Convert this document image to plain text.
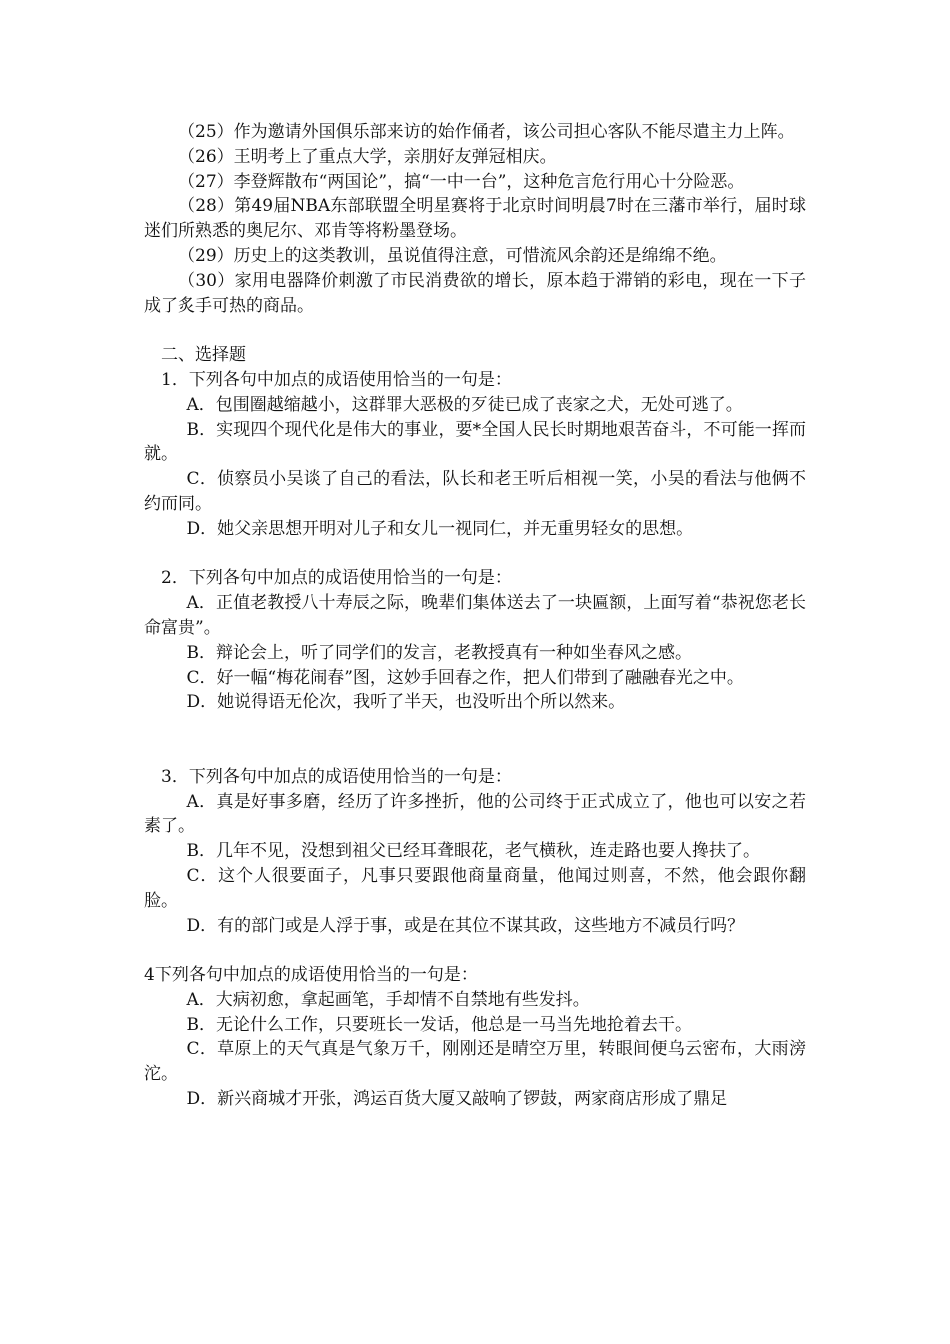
（25）作为邀请外国俱乐部来访的始作俑者，该公司担心客队不能尽遣主力上阵。

（26）王明考上了重点大学，亲朋好友弹冠相庆。

（27）李登辉散布“两国论”，搞“一中一台”，这种危言危行用心十分险恶。

（28）第49届NBA东部联盟全明星赛将于北京时间明晨7时在三藩市举行，届时球迷们所熟悉的奥尼尔、邓肯等将粉墨登场。

（29）历史上的这类教训，虽说值得注意，可惜流风余韵还是绵绵不绝。

（30）家用电器降价刺激了市民消费欲的增长，原本趋于滞销的彩电，现在一下子成了炙手可热的商品。

二、选择题

1．下列各句中加点的成语使用恰当的一句是：

A．包围圈越缩越小，这群罪大恶极的歹徒已成了丧家之犬，无处可逃了。

B．实现四个现代化是伟大的事业，要*全国人民长时期地艰苦奋斗，不可能一挥而就。

C．侦察员小吴谈了自己的看法，队长和老王听后相视一笑，小吴的看法与他俩不约而同。

D．她父亲思想开明对儿子和女儿一视同仁，并无重男轻女的思想。

2．下列各句中加点的成语使用恰当的一句是：

A．正值老教授八十寿辰之际，晚辈们集体送去了一块匾额，上面写着“恭祝您老长命富贵”。

B．辩论会上，听了同学们的发言，老教授真有一种如坐春风之感。

C．好一幅“梅花闹春”图，这妙手回春之作，把人们带到了融融春光之中。

D．她说得语无伦次，我听了半天，也没听出个所以然来。

3．下列各句中加点的成语使用恰当的一句是：

A．真是好事多磨，经历了许多挫折，他的公司终于正式成立了，他也可以安之若素了。

B．几年不见，没想到祖父已经耳聋眼花，老气横秋，连走路也要人搀扶了。

C．这个人很要面子，凡事只要跟他商量商量，他闻过则喜，不然，他会跟你翻脸。

D．有的部门或是人浮于事，或是在其位不谋其政，这些地方不减员行吗？

4下列各句中加点的成语使用恰当的一句是：

A．大病初愈，拿起画笔，手却情不自禁地有些发抖。

B．无论什么工作，只要班长一发话，他总是一马当先地抢着去干。

C．草原上的天气真是气象万千，刚刚还是晴空万里，转眼间便乌云密布，大雨滂沱。

D．新兴商城才开张，鸿运百货大厦又敲响了锣鼓，两家商店形成了鼎足
